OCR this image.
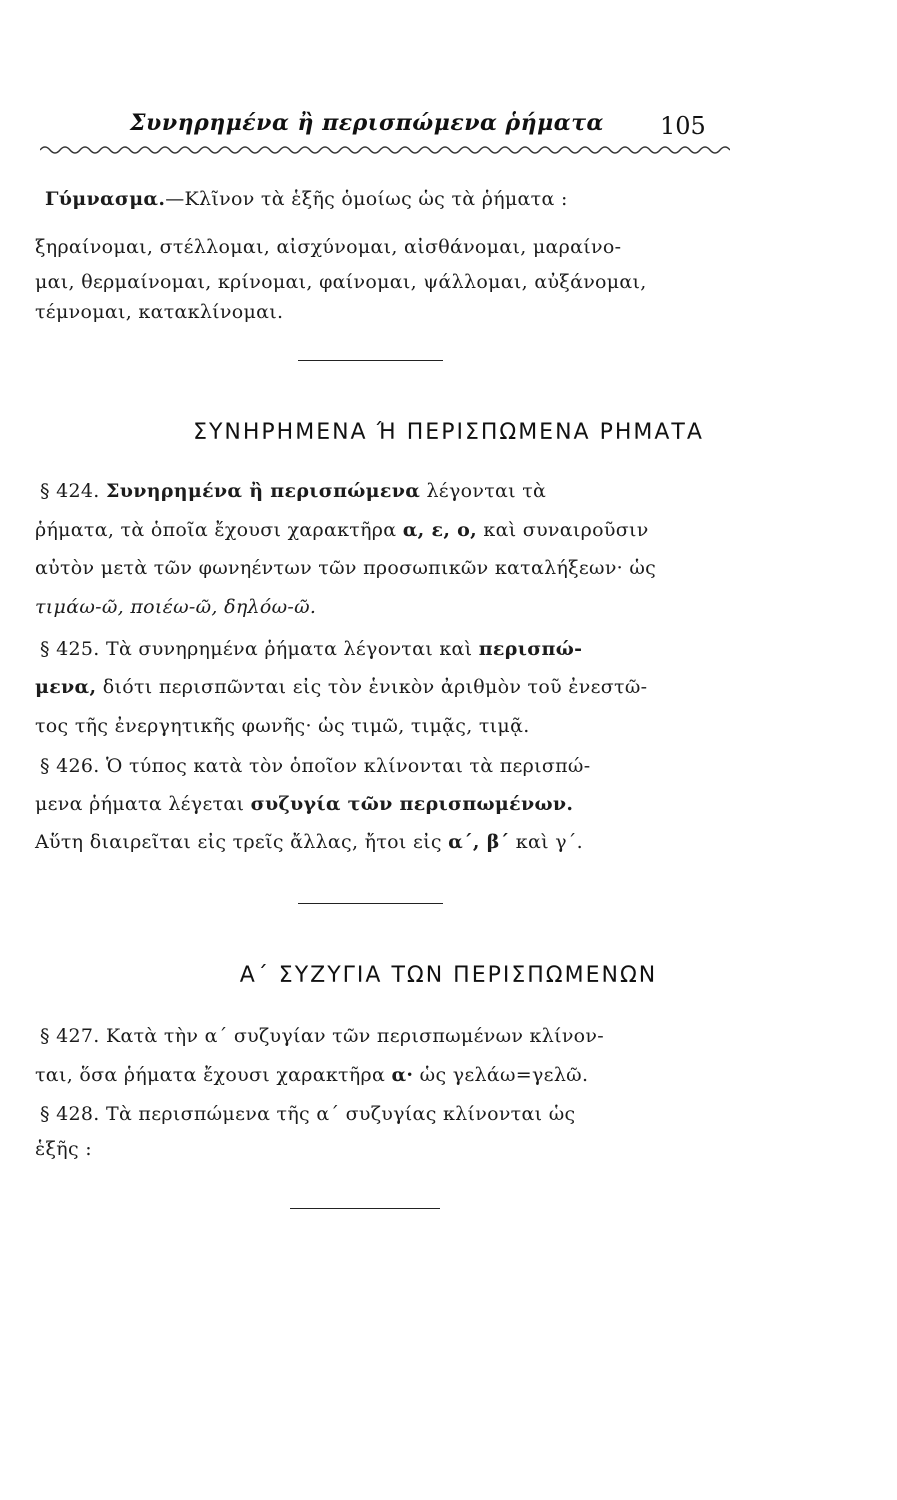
Συνηρημένα ἢ περισπώμενα ῥήματα	105
Γύμνασμα.—Κλῖνον τὰ ἑξῆς ὁμοίως ὡς τὰ ῥήματα :
ξηραίνομαι, στέλλομαι, αἰσχύνομαι, αἰσθάνομαι, μαραίνο-
μαι, θερμαίνομαι, κρίνομαι, φαίνομαι, ψάλλομαι, αὐξάνομαι,
τέμνομαι, κατακλίνομαι.
ΣΥΝΗΡΗΜΕΝΑ Ή ΠΕΡΙΣΠΩΜΕΝΑ ΡΗΜΑΤΑ
§ 424. Συνηρημένα ἢ περισπώμενα λέγονται τὰ
ῥήματα, τὰ ὁποῖα ἔχουσι χαρακτῆρα α, ε, ο, καὶ συναιροῦσιν
αὐτὸν μετὰ τῶν φωνηέντων τῶν προσωπικῶν καταλήξεων· ὡς
τιμάω-ῶ, ποιέω-ῶ, δηλόω-ῶ.
§ 425. Τὰ συνηρημένα ῥήματα λέγονται καὶ περισπώ-
μενα, διότι περισπῶνται εἰς τὸν ἑνικὸν ἀριθμὸν τοῦ ἐνεστῶ-
τος τῆς ἐνεργητικῆς φωνῆς· ὡς τιμῶ, τιμᾷς, τιμᾷ.
§ 426. Ὁ τύπος κατὰ τὸν ὁποῖον κλίνονται τὰ περισπώ-
μενα ῥήματα λέγεται συζυγία τῶν περισπωμένων.
Αὕτη διαιρεῖται εἰς τρεῖς ἄλλας, ἤτοι εἰς α΄, β΄ καὶ γ΄.
Α΄ ΣΥΖΥΓΙΑ ΤΩΝ ΠΕΡΙΣΠΩΜΕΝΩΝ
§ 427. Κατὰ τὴν α΄ συζυγίαν τῶν περισπωμένων κλίνον-
ται, ὅσα ῥήματα ἔχουσι χαρακτῆρα α· ὡς γελάω=γελῶ.
§ 428. Τὰ περισπώμενα τῆς α΄ συζυγίας κλίνονται ὡς
ἑξῆς :
